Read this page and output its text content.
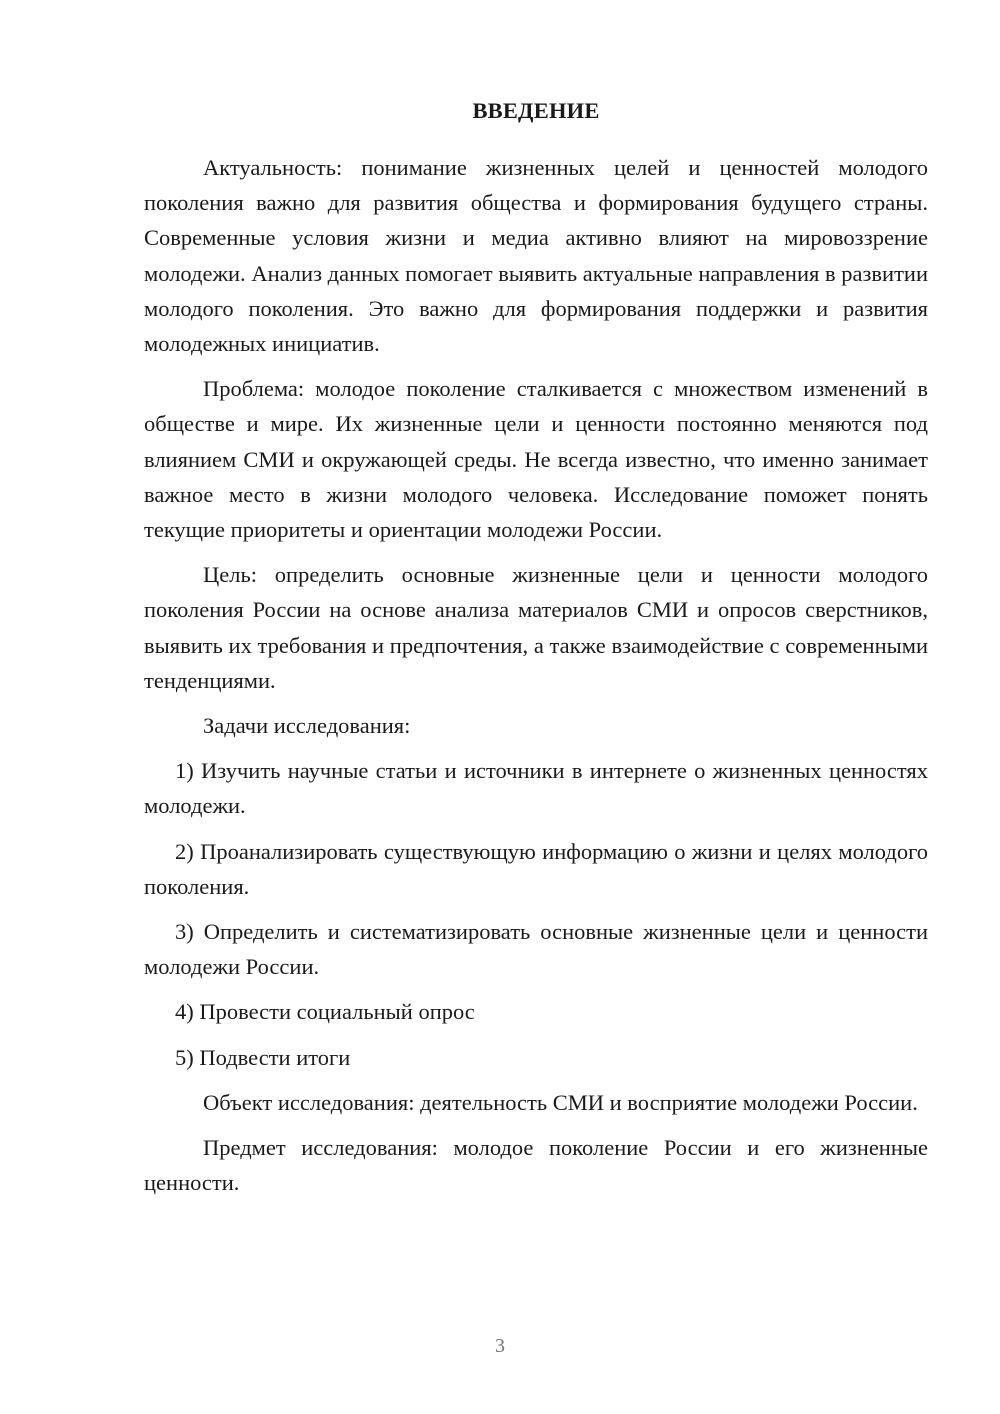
ВВЕДЕНИЕ

Актуальность: понимание жизненных целей и ценностей молодого поколения важно для развития общества и формирования будущего страны. Современные условия жизни и медиа активно влияют на мировоззрение молодежи. Анализ данных помогает выявить актуальные направления в развитии молодого поколения. Это важно для формирования поддержки и развития молодежных инициатив.

Проблема: молодое поколение сталкивается с множеством изменений в обществе и мире. Их жизненные цели и ценности постоянно меняются под влиянием СМИ и окружающей среды. Не всегда известно, что именно занимает важное место в жизни молодого человека. Исследование поможет понять текущие приоритеты и ориентации молодежи России.

Цель: определить основные жизненные цели и ценности молодого поколения России на основе анализа материалов СМИ и опросов сверстников, выявить их требования и предпочтения, а также взаимодействие с современными тенденциями.

Задачи исследования:

1) Изучить научные статьи и источники в интернете о жизненных ценностях молодежи.

2) Проанализировать существующую информацию о жизни и целях молодого поколения.

3) Определить и систематизировать основные жизненные цели и ценности молодежи России.

4) Провести социальный опрос

5) Подвести итоги

Объект исследования: деятельность СМИ и восприятие молодежи России.

Предмет исследования: молодое поколение России и его жизненные ценности.

3
